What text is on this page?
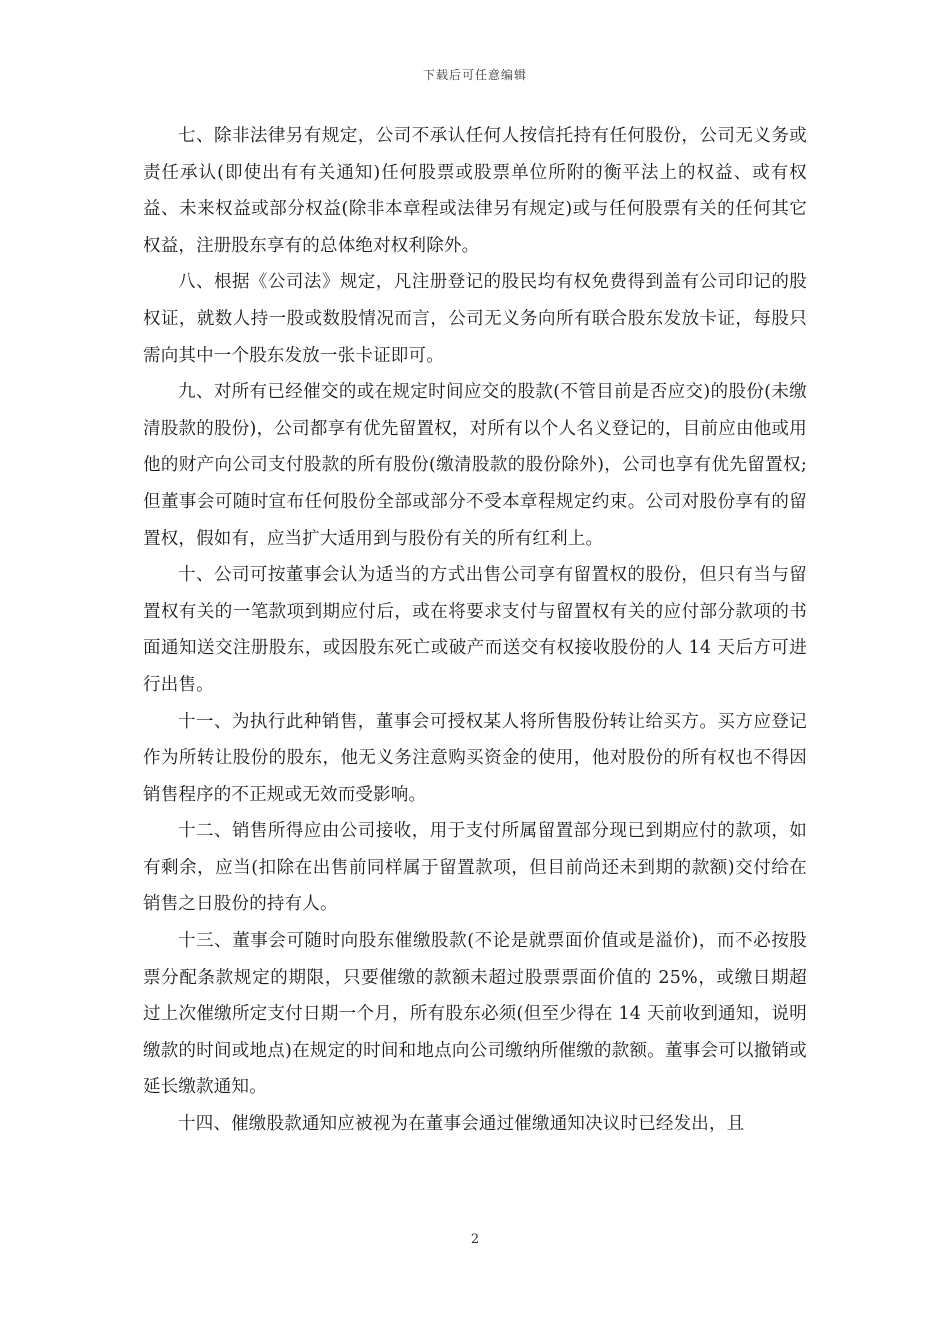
下载后可任意编辑

七、除非法律另有规定，公司不承认任何人按信托持有任何股份，公司无义务或责任承认(即使出有有关通知)任何股票或股票单位所附的衡平法上的权益、或有权益、未来权益或部分权益(除非本章程或法律另有规定)或与任何股票有关的任何其它权益，注册股东享有的总体绝对权利除外。

八、根据《公司法》规定，凡注册登记的股民均有权免费得到盖有公司印记的股权证，就数人持一股或数股情况而言，公司无义务向所有联合股东发放卡证，每股只需向其中一个股东发放一张卡证即可。

九、对所有已经催交的或在规定时间应交的股款(不管目前是否应交)的股份(未缴清股款的股份)，公司都享有优先留置权，对所有以个人名义登记的，目前应由他或用他的财产向公司支付股款的所有股份(缴清股款的股份除外)，公司也享有优先留置权;但董事会可随时宣布任何股份全部或部分不受本章程规定约束。公司对股份享有的留置权，假如有，应当扩大适用到与股份有关的所有红利上。

十、公司可按董事会认为适当的方式出售公司享有留置权的股份，但只有当与留置权有关的一笔款项到期应付后，或在将要求支付与留置权有关的应付部分款项的书面通知送交注册股东，或因股东死亡或破产而送交有权接收股份的人 14 天后方可进行出售。

十一、为执行此种销售，董事会可授权某人将所售股份转让给买方。买方应登记作为所转让股份的股东，他无义务注意购买资金的使用，他对股份的所有权也不得因销售程序的不正规或无效而受影响。

十二、销售所得应由公司接收，用于支付所属留置部分现已到期应付的款项，如有剩余，应当(扣除在出售前同样属于留置款项，但目前尚还未到期的款额)交付给在销售之日股份的持有人。

十三、董事会可随时向股东催缴股款(不论是就票面价值或是溢价)，而不必按股票分配条款规定的期限，只要催缴的款额未超过股票票面价值的 25%，或缴日期超过上次催缴所定支付日期一个月，所有股东必须(但至少得在 14 天前收到通知，说明缴款的时间或地点)在规定的时间和地点向公司缴纳所催缴的款额。董事会可以撤销或延长缴款通知。

十四、催缴股款通知应被视为在董事会通过催缴通知决议时已经发出，且

2
